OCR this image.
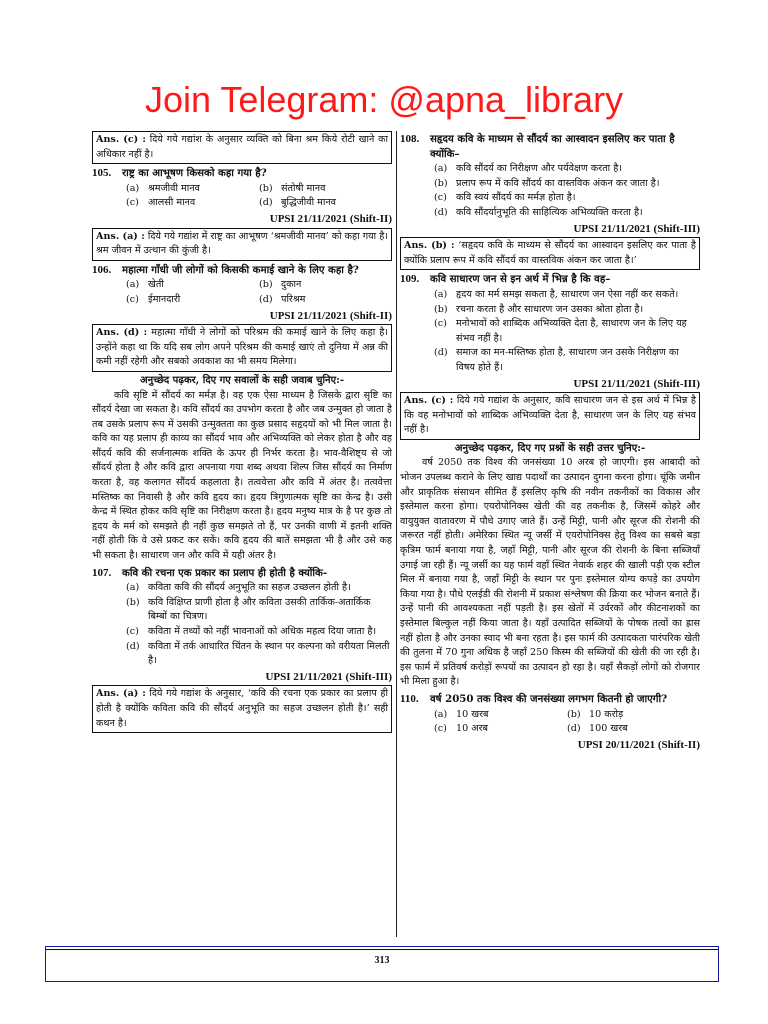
Join Telegram: @apna_library
Ans. (c) : दिये गये गद्यांश के अनुसार व्यक्ति को बिना श्रम किये रोटी खाने का अधिकार नहीं है।
105.	राष्ट्र का आभूषण किसको कहा गया है?
(a) श्रमजीवी मानव	(b) संतोषी मानव
(c) आलसी मानव	(d) बुद्धिजीवी मानव
UPSI 21/11/2021 (Shift-II)
Ans. (a) : दिये गये गद्यांश में राष्ट्र का आभूषण ‘श्रमजीवी मानव’ को कहा गया है। श्रम जीवन में उत्थान की कुंजी है।
106.	महात्मा गाँधी जी लोगों को किसकी कमाई खाने के लिए कहा है?
(a) खेती	(b) दुकान
(c) ईमानदारी	(d) परिश्रम
UPSI 21/11/2021 (Shift-II)
Ans. (d) : महात्मा गाँधी ने लोगों को परिश्रम की कमाई खाने के लिए कहा है। उन्होंने कहा था कि यदि सब लोग अपने परिश्रम की कमाई खाएं तो दुनिया में अन्न की कमी नहीं रहेगी और सबको अवकाश का भी समय मिलेगा।
अनुच्छेद पढ़कर, दिए गए सवालों के सही जवाब चुनिए:-
कवि सृष्टि में सौंदर्य का मर्मज्ञ है। वह एक ऐसा माध्यम है जिसके द्वारा सृष्टि का सौंदर्य देखा जा सकता है। कवि सौंदर्य का उपभोग करता है और जब उन्मुक्त हो जाता है तब उसके प्रलाप रूप में उसकी उन्मुक्तता का कुछ प्रसाद सहृदयों को भी मिल जाता है। कवि का यह प्रलाप ही काव्य का सौंदर्य भाव और अभिव्यक्ति को लेकर होता है और वह सौंदर्य कवि की सर्जनात्मक शक्ति के ऊपर ही निर्भर करता है। भाव-वैशिष्ट्य से जो सौंदर्य होता है और कवि द्वारा अपनाया गया शब्द अथवा शिल्प जिस सौंदर्य का निर्माण करता है, वह कलागत सौंदर्य कहलाता है। तत्ववेत्ता और कवि में अंतर है। तत्ववेत्ता मस्तिष्क का निवासी है और कवि हृदय का। हृदय त्रिगुणात्मक सृष्टि का केन्द्र है। उसी केन्द्र में स्थित होकर कवि सृष्टि का निरीक्षण करता है। हृदय मनुष्य मात्र के है पर कुछ तो हृदय के मर्म को समझते ही नहीं कुछ समझते तो हैं, पर उनकी वाणी में इतनी शक्ति नहीं होती कि वे उसे प्रकट कर सकें। कवि हृदय की बातें समझता भी है और उसे कह भी सकता है। साधारण जन और कवि में यही अंतर है।
107.	कवि की रचना एक प्रकार का प्रलाप ही होती है क्योंकि-
(a) कविता कवि की सौंदर्य अनुभूति का सहज उच्छलन होती है।
(b) कवि विक्षिप्त प्राणी होता है और कविता उसकी तार्किक-अतार्किक बिम्बों का चित्रण।
(c) कविता में तथ्यों को नहीं भावनाओं को अधिक महत्व दिया जाता है।
(d) कविता में तर्क आधारित चिंतन के स्थान पर कल्पना को वरीयता मिलती है।
UPSI 21/11/2021 (Shift-III)
Ans. (a) : दिये गये गद्यांश के अनुसार, ‘कवि की रचना एक प्रकार का प्रलाप ही होती है क्योंकि कविता कवि की सौंदर्य अनुभूति का सहज उच्छलन होती है।’ सही कथन है।
108.	सहृदय कवि के माध्यम से सौंदर्य का आस्वादन इसलिए कर पाता है क्योंकि–
(a) कवि सौंदर्य का निरीक्षण और पर्यवेक्षण करता है।
(b) प्रलाप रूप में कवि सौंदर्य का वास्तविक अंकन कर जाता है।
(c) कवि स्वयं सौंदर्य का मर्मज्ञ होता है।
(d) कवि सौंदर्यानुभूति की साहित्यिक अभिव्यक्ति करता है।
UPSI 21/11/2021 (Shift-III)
Ans. (b) : ‘सहृदय कवि के माध्यम से सौंदर्य का आस्वादन इसलिए कर पाता है क्योंकि प्रलाप रूप में कवि सौंदर्य का वास्तविक अंकन कर जाता है।’
109.	कवि साधारण जन से इन अर्थ में भिन्न है कि वह–
(a) हृदय का मर्म समझ सकता है, साधारण जन ऐसा नहीं कर सकते।
(b) रचना करता है और साधारण जन उसका श्रोता होता है।
(c) मनोभावों को शाब्दिक अभिव्यक्ति देता है, साधारण जन के लिए यह संभव नहीं है।
(d) समाज का मन-मस्तिष्क होता है, साधारण जन उसके निरीक्षण का विषय होते हैं।
UPSI 21/11/2021 (Shift-III)
Ans. (c) : दिये गये गद्यांश के अनुसार, कवि साधारण जन से इस अर्थ में भिन्न है कि वह मनोभावों को शाब्दिक अभिव्यक्ति देता है, साधारण जन के लिए यह संभव नहीं है।
अनुच्छेद पढ़कर, दिए गए प्रश्नों के सही उत्तर चुनिए:-
वर्ष 2050 तक विश्व की जनसंख्या 10 अरब हो जाएगी। इस आबादी को भोजन उपलब्ध कराने के लिए खाद्य पदार्थों का उत्पादन दुगना करना होगा। चूंकि जमीन और प्राकृतिक संसाधन सीमित हैं इसलिए कृषि की नवीन तकनीकों का विकास और इस्तेमाल करना होगा। एयरोपोनिक्स खेती की वह तकनीक है, जिसमें कोहरे और वायुयुक्त वातावरण में पौधे उगाए जाते हैं। उन्हें मिट्टी, पानी और सूरज की रोशनी की जरूरत नहीं होती। अमेरिका स्थित न्यू जर्सी में एयरोपोनिक्स हेतु विश्व का सबसे बड़ा कृत्रिम फार्म बनाया गया है, जहाँ मिट्टी, पानी और सूरज की रोशनी के बिना सब्जियाँ उगाई जा रही हैं। न्यू जर्सी का यह फार्म वहाँ स्थित नेवार्क शहर की खाली पड़ी एक स्टील मिल में बनाया गया है, जहाँ मिट्टी के स्थान पर पुनः इस्तेमाल योग्य कपड़े का उपयोग किया गया है। पौधे एलईडी की रोशनी में प्रकाश संश्लेषण की क्रिया कर भोजन बनाते हैं। उन्हें पानी की आवश्यकता नहीं पड़ती है। इस खेतों में उर्वरकों और कीटनाशकों का इस्तेमाल बिल्कुल नहीं किया जाता है। यहाँ उत्पादित सब्जियों के पोषक तत्वों का ह्रास नहीं होता है और उनका स्वाद भी बना रहता है। इस फार्म की उत्पादकता पारंपरिक खेती की तुलना में 70 गुना अधिक है जहाँ 250 किस्म की सब्जियों की खेती की जा रही है। इस फार्म में प्रतिवर्ष करोड़ों रूपयों का उत्पादन हो रहा है। यहाँ सैकड़ों लोगों को रोजगार भी मिला हुआ है।
110.	वर्ष 2050 तक विश्व की जनसंख्या लगभग कितनी हो जाएगी?
(a) 10 खरब	(b) 10 करोड़
(c) 10 अरब	(d) 100 खरब
UPSI 20/11/2021 (Shift-II)
313
